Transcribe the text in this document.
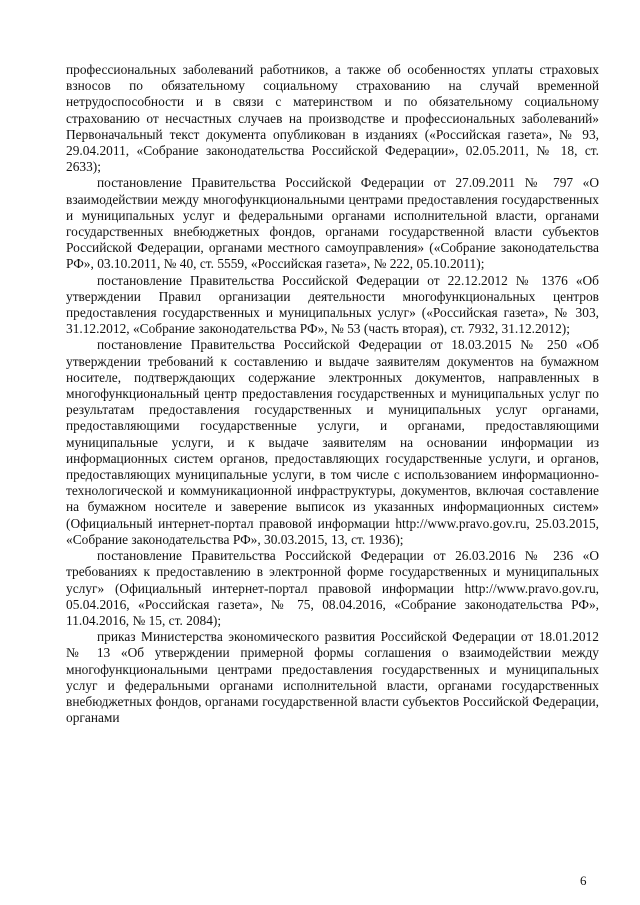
профессиональных заболеваний работников, а также об особенностях уплаты страховых взносов по обязательному социальному страхованию на случай временной нетрудоспособности и в связи с материнством и по обязательному социальному страхованию от несчастных случаев на производстве и профессиональных заболеваний» Первоначальный текст документа опубликован в изданиях («Российская газета», № 93, 29.04.2011, «Собрание законодательства Российской Федерации», 02.05.2011, № 18, ст. 2633);

постановление Правительства Российской Федерации от 27.09.2011 № 797 «О взаимодействии между многофункциональными центрами предоставления государственных и муниципальных услуг и федеральными органами исполнительной власти, органами государственных внебюджетных фондов, органами государственной власти субъектов Российской Федерации, органами местного самоуправления» («Собрание законодательства РФ», 03.10.2011, № 40, ст. 5559, «Российская газета», № 222, 05.10.2011);

постановление Правительства Российской Федерации от 22.12.2012 № 1376 «Об утверждении Правил организации деятельности многофункциональных центров предоставления государственных и муниципальных услуг» («Российская газета», № 303, 31.12.2012, «Собрание законодательства РФ», № 53 (часть вторая), ст. 7932, 31.12.2012);

постановление Правительства Российской Федерации от 18.03.2015 № 250 «Об утверждении требований к составлению и выдаче заявителям документов на бумажном носителе, подтверждающих содержание электронных документов, направленных в многофункциональный центр предоставления государственных и муниципальных услуг по результатам предоставления государственных и муниципальных услуг органами, предоставляющими государственные услуги, и органами, предоставляющими муниципальные услуги, и к выдаче заявителям на основании информации из информационных систем органов, предоставляющих государственные услуги, и органов, предоставляющих муниципальные услуги, в том числе с использованием информационно-технологической и коммуникационной инфраструктуры, документов, включая составление на бумажном носителе и заверение выписок из указанных информационных систем» (Официальный интернет-портал правовой информации http://www.pravo.gov.ru, 25.03.2015, «Собрание законодательства РФ», 30.03.2015, 13, ст. 1936);

постановление Правительства Российской Федерации от 26.03.2016 № 236 «О требованиях к предоставлению в электронной форме государственных и муниципальных услуг» (Официальный интернет-портал правовой информации http://www.pravo.gov.ru, 05.04.2016, «Российская газета», № 75, 08.04.2016, «Собрание законодательства РФ», 11.04.2016, № 15, ст. 2084);

приказ Министерства экономического развития Российской Федерации от 18.01.2012 № 13 «Об утверждении примерной формы соглашения о взаимодействии между многофункциональными центрами предоставления государственных и муниципальных услуг и федеральными органами исполнительной власти, органами государственных внебюджетных фондов, органами государственной власти субъектов Российской Федерации, органами

6
